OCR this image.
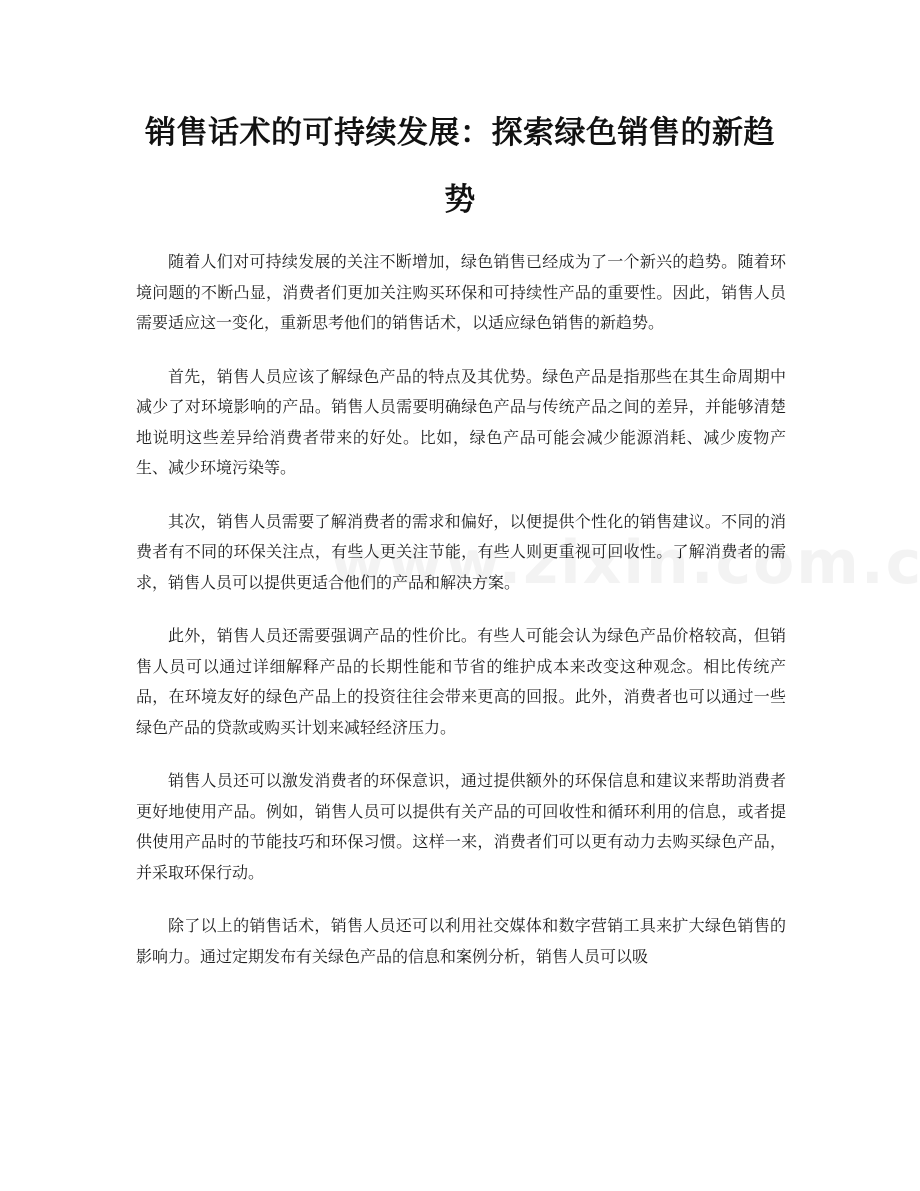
销售话术的可持续发展：探索绿色销售的新趋势

随着人们对可持续发展的关注不断增加，绿色销售已经成为了一个新兴的趋势。随着环境问题的不断凸显，消费者们更加关注购买环保和可持续性产品的重要性。因此，销售人员需要适应这一变化，重新思考他们的销售话术，以适应绿色销售的新趋势。

首先，销售人员应该了解绿色产品的特点及其优势。绿色产品是指那些在其生命周期中减少了对环境影响的产品。销售人员需要明确绿色产品与传统产品之间的差异，并能够清楚地说明这些差异给消费者带来的好处。比如，绿色产品可能会减少能源消耗、减少废物产生、减少环境污染等。

其次，销售人员需要了解消费者的需求和偏好，以便提供个性化的销售建议。不同的消费者有不同的环保关注点，有些人更关注节能，有些人则更重视可回收性。了解消费者的需求，销售人员可以提供更适合他们的产品和解决方案。

此外，销售人员还需要强调产品的性价比。有些人可能会认为绿色产品价格较高，但销售人员可以通过详细解释产品的长期性能和节省的维护成本来改变这种观念。相比传统产品，在环境友好的绿色产品上的投资往往会带来更高的回报。此外，消费者也可以通过一些绿色产品的贷款或购买计划来减轻经济压力。

销售人员还可以激发消费者的环保意识，通过提供额外的环保信息和建议来帮助消费者更好地使用产品。例如，销售人员可以提供有关产品的可回收性和循环利用的信息，或者提供使用产品时的节能技巧和环保习惯。这样一来，消费者们可以更有动力去购买绿色产品，并采取环保行动。

除了以上的销售话术，销售人员还可以利用社交媒体和数字营销工具来扩大绿色销售的影响力。通过定期发布有关绿色产品的信息和案例分析，销售人员可以吸
